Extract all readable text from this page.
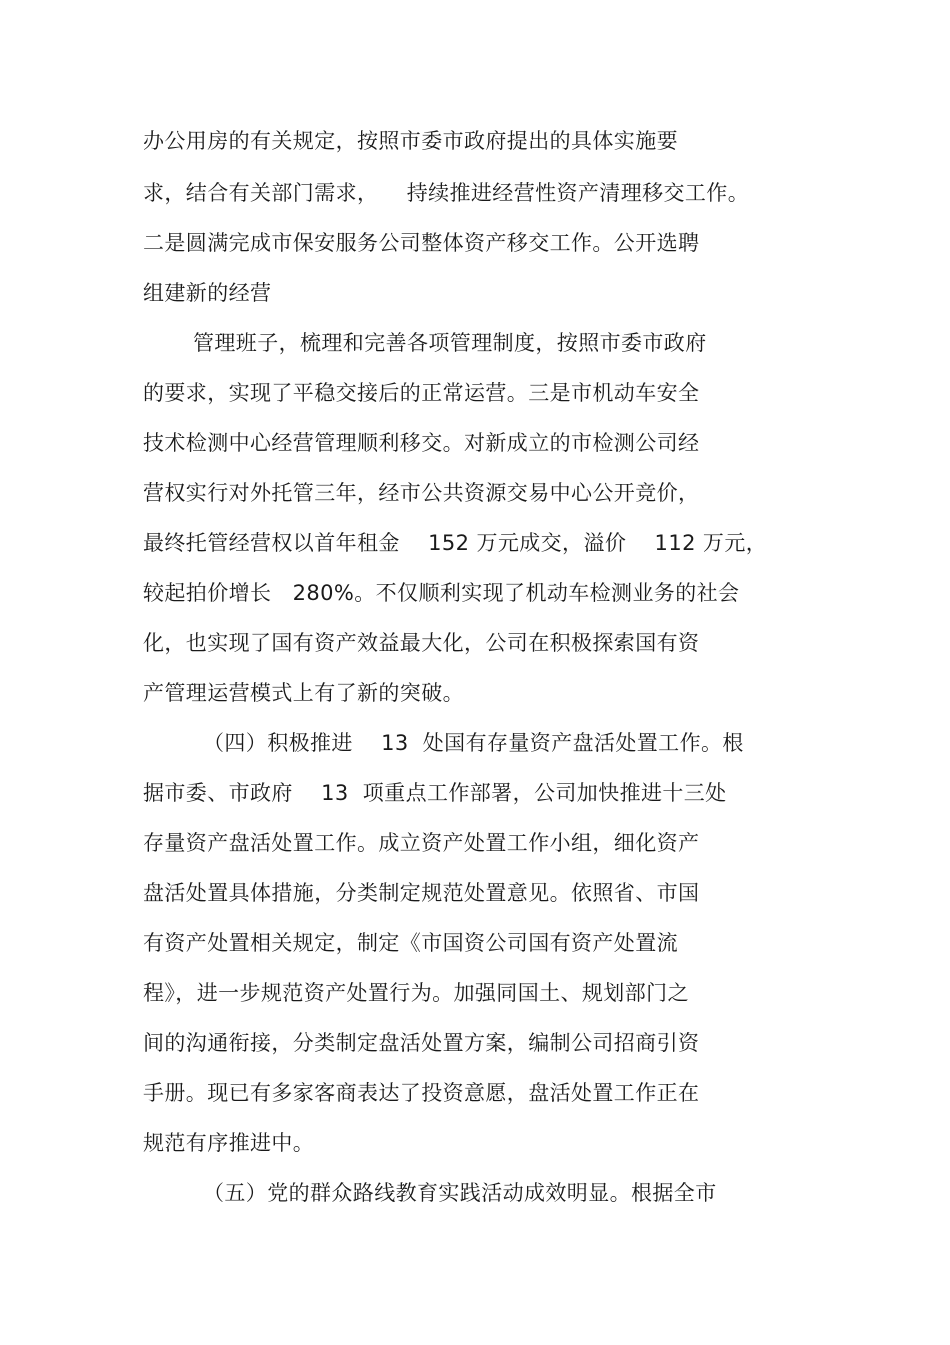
办公用房的有关规定，按照市委市政府提出的具体实施要
求，结合有关部门需求，    持续推进经营性资产清理移交工作。
二是圆满完成市保安服务公司整体资产移交工作。公开选聘
组建新的经营
管理班子，梳理和完善各项管理制度，按照市委市政府
的要求，实现了平稳交接后的正常运营。三是市机动车安全
技术检测中心经营管理顺利移交。对新成立的市检测公司经
营权实行对外托管三年，经市公共资源交易中心公开竞价，
最终托管经营权以首年租金    152 万元成交，溢价    112 万元，
较起拍价增长   280%。不仅顺利实现了机动车检测业务的社会
化，也实现了国有资产效益最大化，公司在积极探索国有资
产管理运营模式上有了新的突破。
（四）积极推进    13  处国有存量资产盘活处置工作。根
据市委、市政府    13  项重点工作部署，公司加快推进十三处
存量资产盘活处置工作。成立资产处置工作小组，细化资产
盘活处置具体措施，分类制定规范处置意见。依照省、市国
有资产处置相关规定，制定《市国资公司国有资产处置流
程》，进一步规范资产处置行为。加强同国土、规划部门之
间的沟通衔接，分类制定盘活处置方案，编制公司招商引资
手册。现已有多家客商表达了投资意愿，盘活处置工作正在
规范有序推进中。
（五）党的群众路线教育实践活动成效明显。根据全市
